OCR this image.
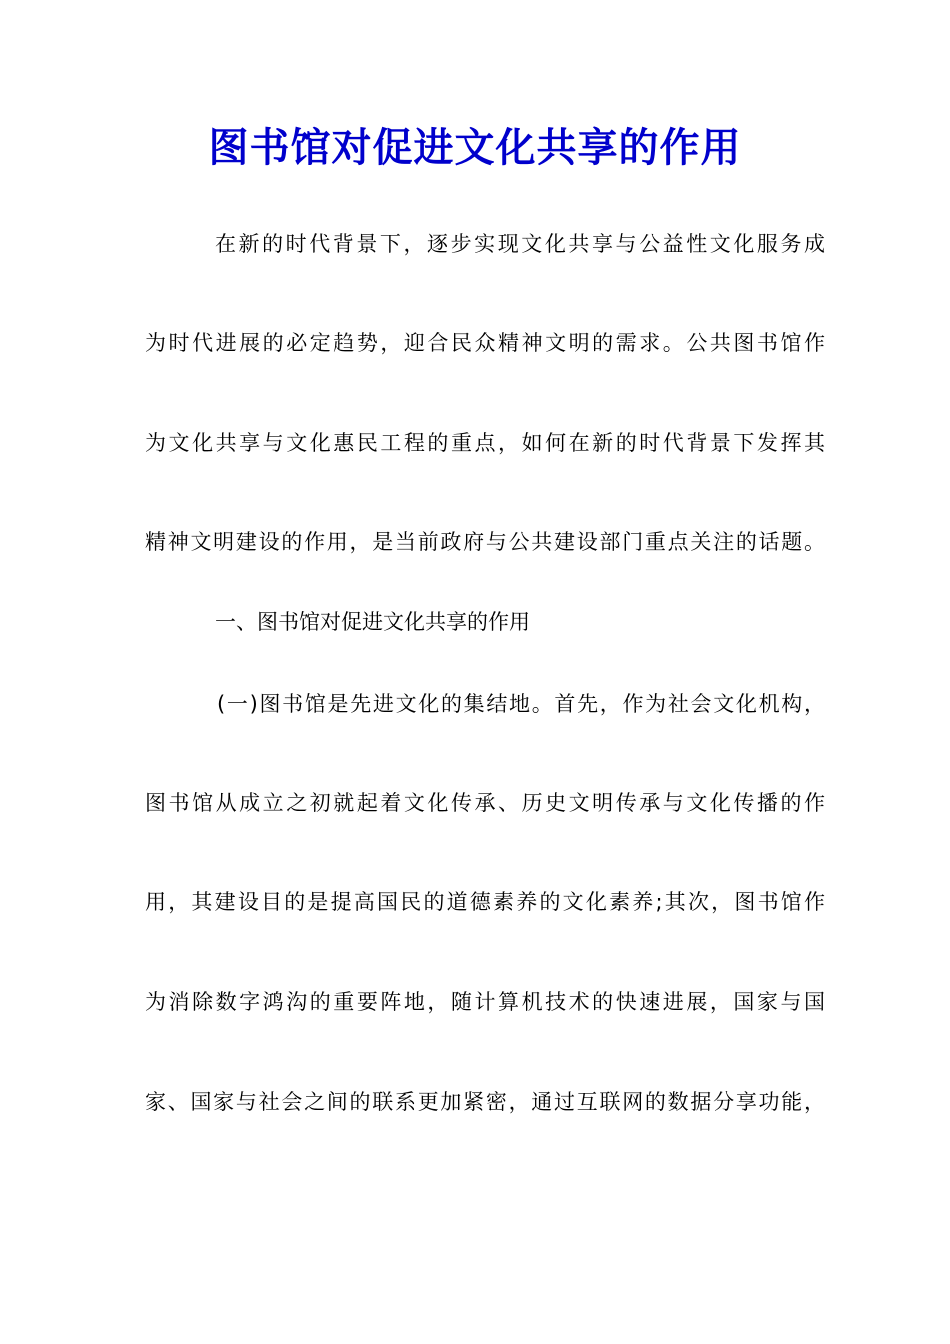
图书馆对促进文化共享的作用
在新的时代背景下，逐步实现文化共享与公益性文化服务成
为时代进展的必定趋势，迎合民众精神文明的需求。公共图书馆作
为文化共享与文化惠民工程的重点，如何在新的时代背景下发挥其
精神文明建设的作用，是当前政府与公共建设部门重点关注的话题。
一、图书馆对促进文化共享的作用
(一)图书馆是先进文化的集结地。首先，作为社会文化机构，
图书馆从成立之初就起着文化传承、历史文明传承与文化传播的作
用，其建设目的是提高国民的道德素养的文化素养;其次，图书馆作
为消除数字鸿沟的重要阵地，随计算机技术的快速进展，国家与国
家、国家与社会之间的联系更加紧密，通过互联网的数据分享功能，
